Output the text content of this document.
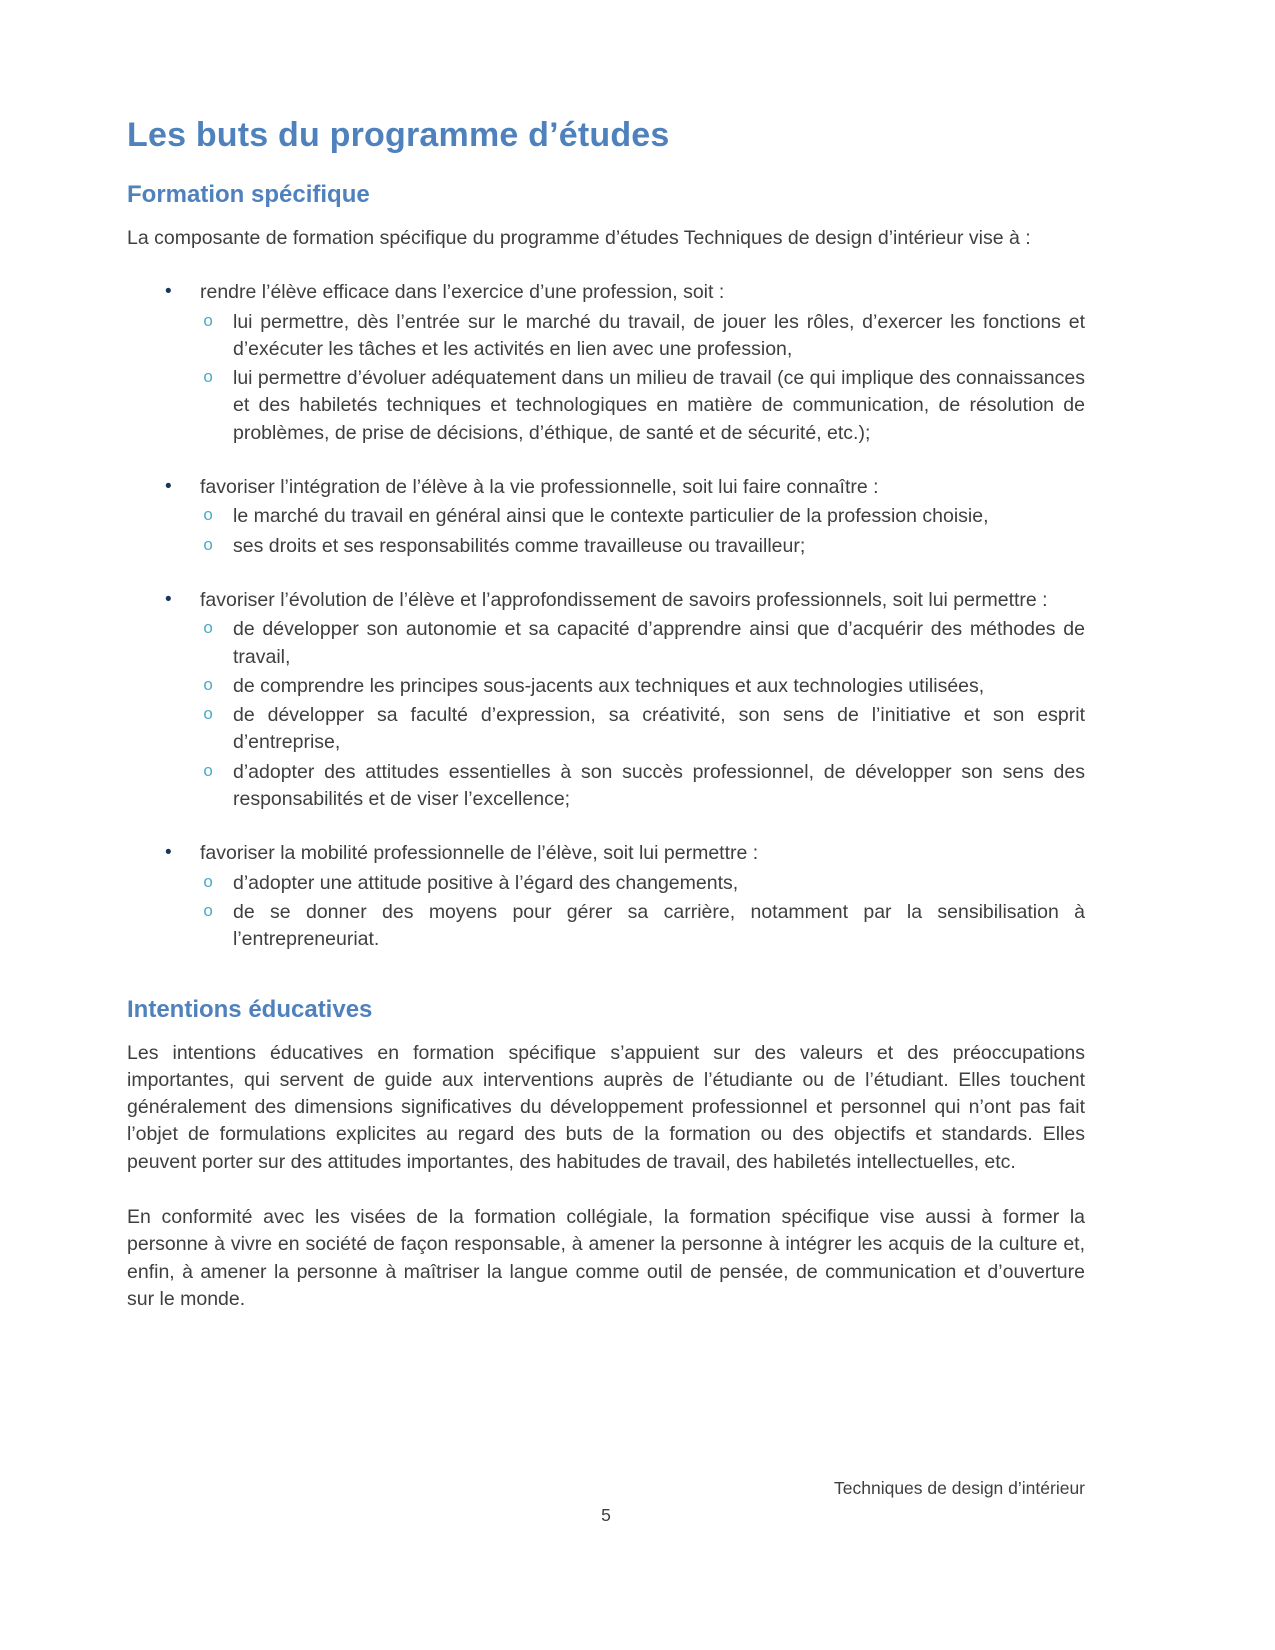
Les buts du programme d’études
Formation spécifique

La composante de formation spécifique du programme d’études Techniques de design d’intérieur vise à :

•	rendre l’élève efficace dans l’exercice d’une profession, soit :
o	lui permettre, dès l’entrée sur le marché du travail, de jouer les rôles, d’exercer les fonctions et d’exécuter les tâches et les activités en lien avec une profession,
o	lui permettre d’évoluer adéquatement dans un milieu de travail (ce qui implique des connaissances et des habiletés techniques et technologiques en matière de communication, de résolution de problèmes, de prise de décisions, d’éthique, de santé et de sécurité, etc.);
•	favoriser l’intégration de l’élève à la vie professionnelle, soit lui faire connaître :
o	le marché du travail en général ainsi que le contexte particulier de la profession choisie,
o	ses droits et ses responsabilités comme travailleuse ou travailleur;
•	favoriser l’évolution de l’élève et l’approfondissement de savoirs professionnels, soit lui permettre :
o	de développer son autonomie et sa capacité d’apprendre ainsi que d’acquérir des méthodes de travail,
o	de comprendre les principes sous-jacents aux techniques et aux technologies utilisées,
o	de développer sa faculté d’expression, sa créativité, son sens de l’initiative et son esprit d’entreprise,
o	d’adopter des attitudes essentielles à son succès professionnel, de développer son sens des responsabilités et de viser l’excellence;
•	favoriser la mobilité professionnelle de l’élève, soit lui permettre :
o	d’adopter une attitude positive à l’égard des changements,
o	de se donner des moyens pour gérer sa carrière, notamment par la sensibilisation à l’entrepreneuriat.
Intentions éducatives

Les intentions éducatives en formation spécifique s’appuient sur des valeurs et des préoccupations importantes, qui servent de guide aux interventions auprès de l’étudiante ou de l’étudiant. Elles touchent généralement des dimensions significatives du développement professionnel et personnel qui n’ont pas fait l’objet de formulations explicites au regard des buts de la formation ou des objectifs et standards. Elles peuvent porter sur des attitudes importantes, des habitudes de travail, des habiletés intellectuelles, etc.

En conformité avec les visées de la formation collégiale, la formation spécifique vise aussi à former la personne à vivre en société de façon responsable, à amener la personne à intégrer les acquis de la culture et, enfin, à amener la personne à maîtriser la langue comme outil de pensée, de communication et d’ouverture sur le monde.

Techniques de design d’intérieur
5
